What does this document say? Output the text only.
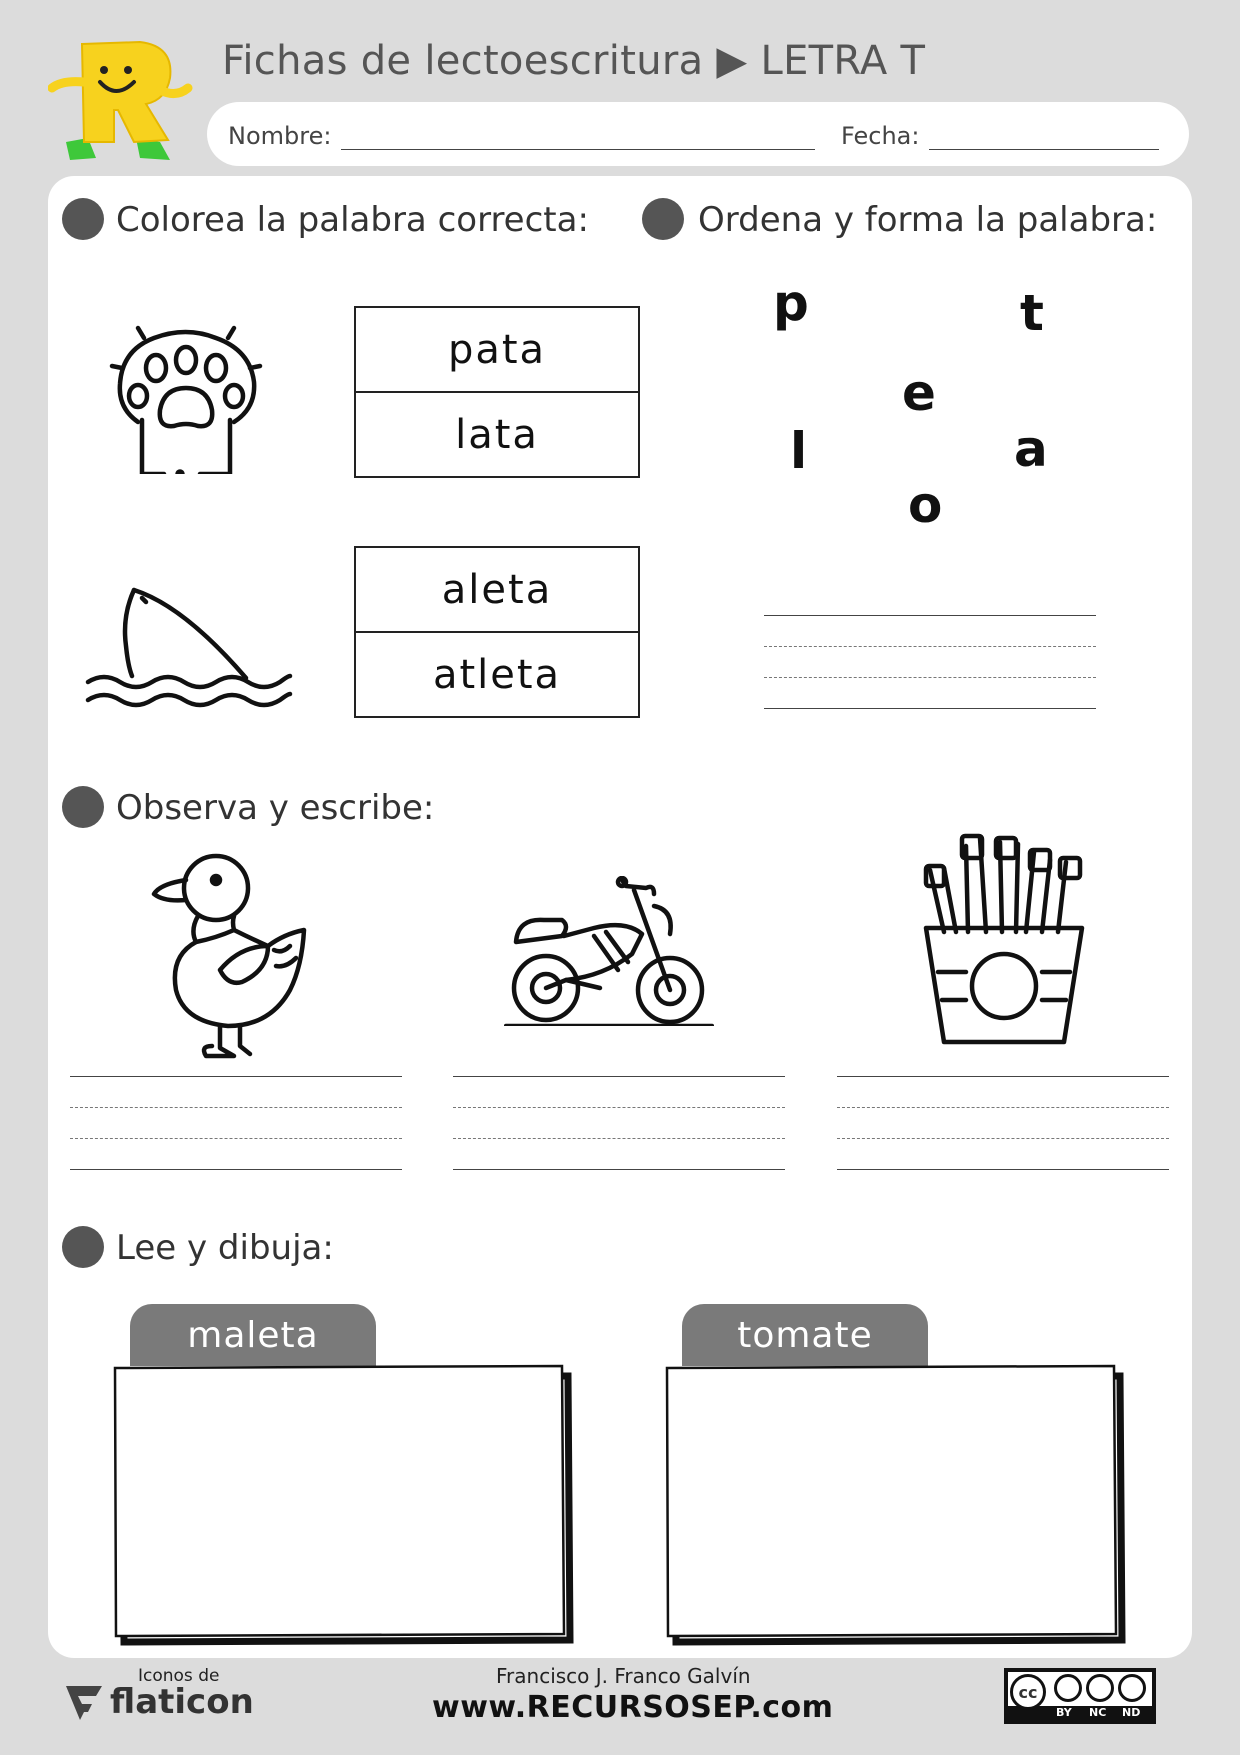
Fichas de lectoescritura ▶ LETRA T
Nombre:	Fecha:
Colorea la palabra correcta:
pata
lata
aleta
atleta
Ordena y forma la palabra:
p	t
e
l	a
o
Observa y escribe:
Lee y dibuja:
maleta	tomate
Iconos de
flaticon
Francisco J. Franco Galvín
www.RECURSOSEP.com	cc
BY NC ND
